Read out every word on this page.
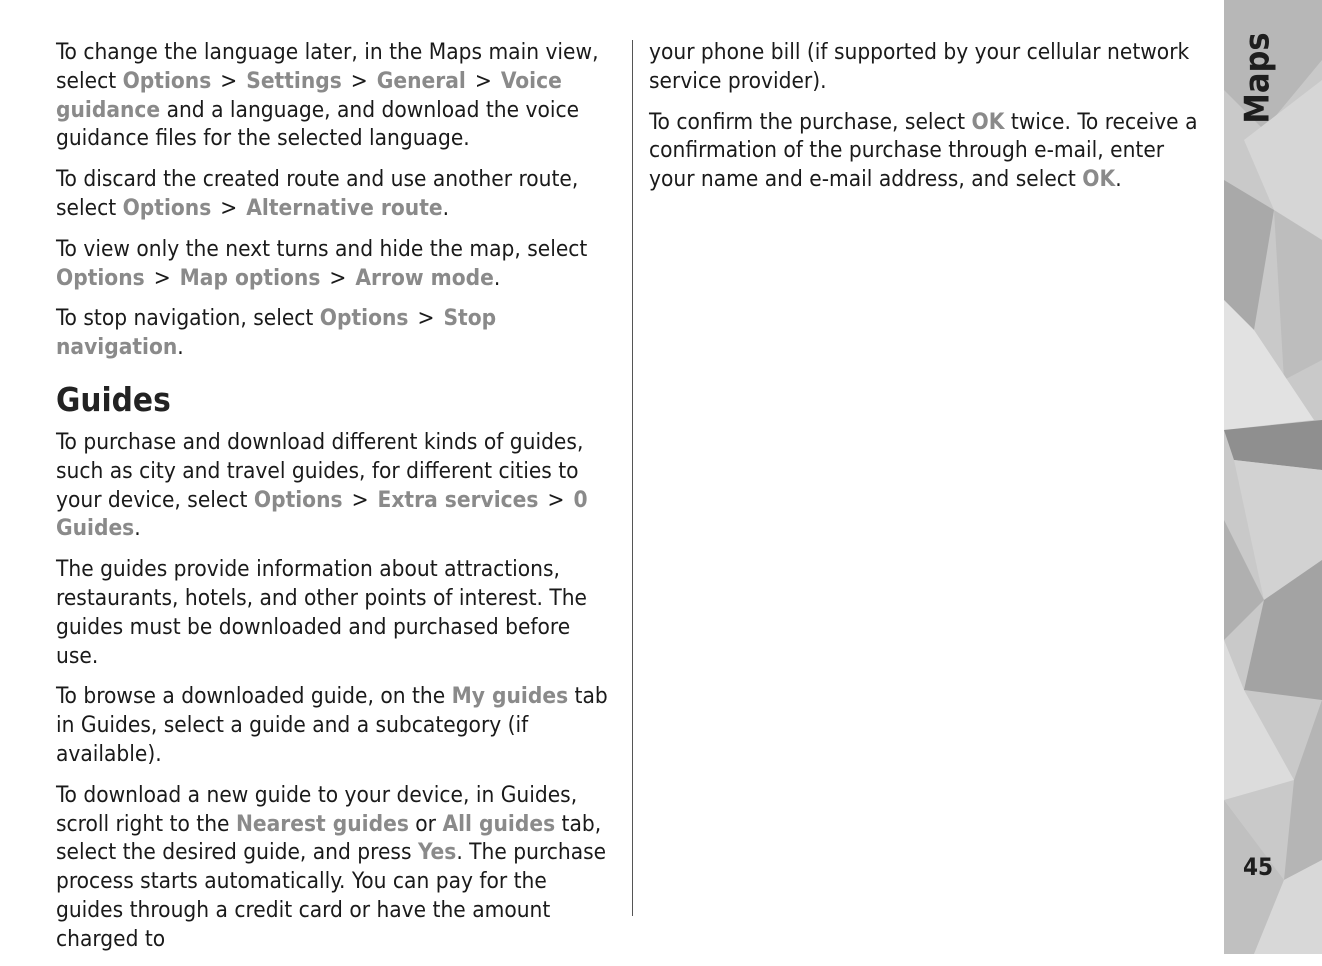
To change the language later, in the Maps main view, select Options > Settings > General > Voice guidance and a language, and download the voice guidance files for the selected language.

To discard the created route and use another route, select Options > Alternative route.

To view only the next turns and hide the map, select Options > Map options > Arrow mode.

To stop navigation, select Options > Stop navigation.

Guides

To purchase and download different kinds of guides, such as city and travel guides, for different cities to your device, select Options > Extra services > 0 Guides.

The guides provide information about attractions, restaurants, hotels, and other points of interest. The guides must be downloaded and purchased before use.

To browse a downloaded guide, on the My guides tab in Guides, select a guide and a subcategory (if available).

To download a new guide to your device, in Guides, scroll right to the Nearest guides or All guides tab, select the desired guide, and press Yes. The purchase process starts automatically. You can pay for the guides through a credit card or have the amount charged to

your phone bill (if supported by your cellular network service provider).

To confirm the purchase, select OK twice. To receive a confirmation of the purchase through e-mail, enter your name and e-mail address, and select OK.

Maps
45
